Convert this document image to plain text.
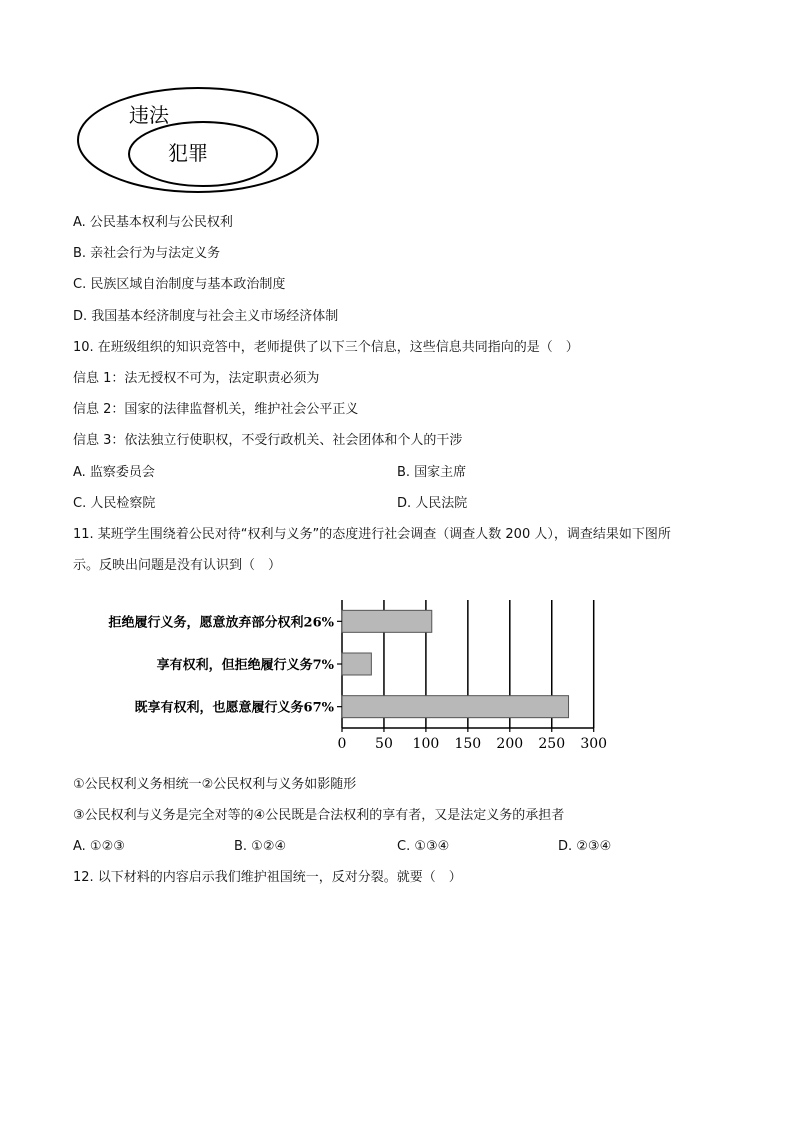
违法
犯罪
A. 公民基本权利与公民权利
B. 亲社会行为与法定义务
C. 民族区域自治制度与基本政治制度
D. 我国基本经济制度与社会主义市场经济体制
10. 在班级组织的知识竞答中，老师提供了以下三个信息，这些信息共同指向的是（　）
信息 1：法无授权不可为，法定职责必须为
信息 2：国家的法律监督机关，维护社会公平正义
信息 3：依法独立行使职权，不受行政机关、社会团体和个人的干涉
A. 监察委员会	B. 国家主席
C. 人民检察院	D. 人民法院
11. 某班学生围绕着公民对待“权利与义务”的态度进行社会调查（调查人数 200 人），调查结果如下图所
示。反映出问题是没有认识到（　）
拒绝履行义务，愿意放弃部分权利26%
享有权利，但拒绝履行义务7%
既享有权利，也愿意履行义务67%
0 50 100 150 200 250 300
①公民权利义务相统一②公民权利与义务如影随形
③公民权利与义务是完全对等的④公民既是合法权利的享有者，又是法定义务的承担者
A. ①②③	B. ①②④	C. ①③④	D. ②③④
12. 以下材料的内容启示我们维护祖国统一，反对分裂。就要（　）
